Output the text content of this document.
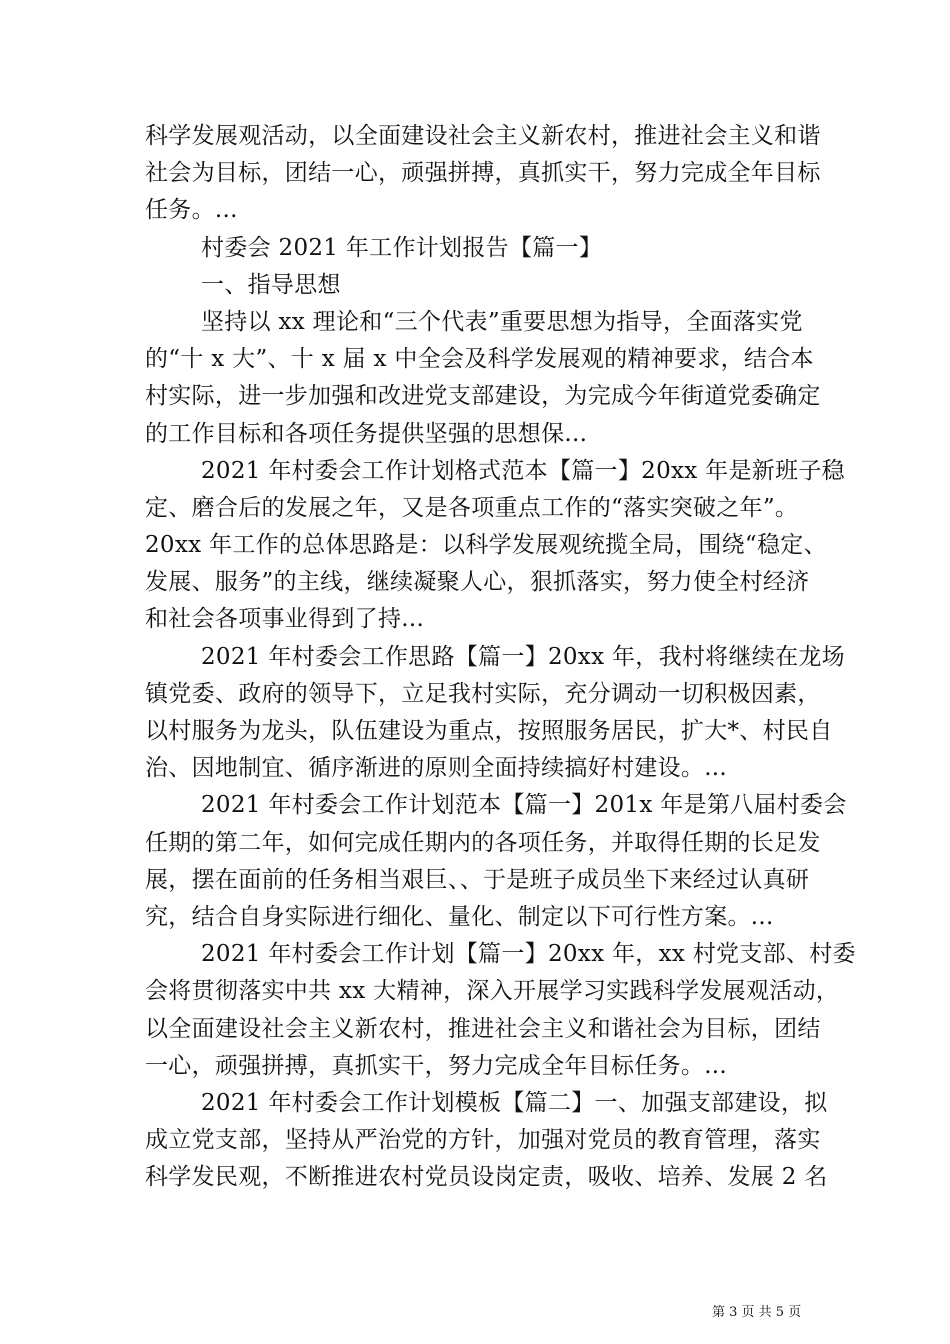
科学发展观活动，以全面建设社会主义新农村，推进社会主义和谐
社会为目标，团结一心，顽强拼搏，真抓实干，努力完成全年目标
任务。...
村委会 2021 年工作计划报告【篇一】
一、指导思想
坚持以 xx 理论和“三个代表”重要思想为指导，全面落实党
的“十 x 大”、十 x 届 x 中全会及科学发展观的精神要求，结合本
村实际，进一步加强和改进党支部建设，为完成今年街道党委确定
的工作目标和各项任务提供坚强的思想保...
2021 年村委会工作计划格式范本【篇一】20xx 年是新班子稳
定、磨合后的发展之年，又是各项重点工作的“落实突破之年”。
20xx 年工作的总体思路是：以科学发展观统揽全局，围绕“稳定、
发展、服务”的主线，继续凝聚人心，狠抓落实，努力使全村经济
和社会各项事业得到了持...
2021 年村委会工作思路【篇一】20xx 年，我村将继续在龙场
镇党委、政府的领导下，立足我村实际，充分调动一切积极因素，
以村服务为龙头，队伍建设为重点，按照服务居民，扩大*、村民自
治、因地制宜、循序渐进的原则全面持续搞好村建设。...
2021 年村委会工作计划范本【篇一】201x 年是第八届村委会
任期的第二年，如何完成任期内的各项任务，并取得任期的长足发
展，摆在面前的任务相当艰巨、、于是班子成员坐下来经过认真研
究，结合自身实际进行细化、量化、制定以下可行性方案。...
2021 年村委会工作计划【篇一】20xx 年，xx 村党支部、村委
会将贯彻落实中共 xx 大精神，深入开展学习实践科学发展观活动，
以全面建设社会主义新农村，推进社会主义和谐社会为目标，团结
一心，顽强拼搏，真抓实干，努力完成全年目标任务。...
2021 年村委会工作计划模板【篇二】一、加强支部建设，拟
成立党支部，坚持从严治党的方针，加强对党员的教育管理，落实
科学发民观，不断推进农村党员设岗定责，吸收、培养、发展 2 名
第 3 页 共 5 页
